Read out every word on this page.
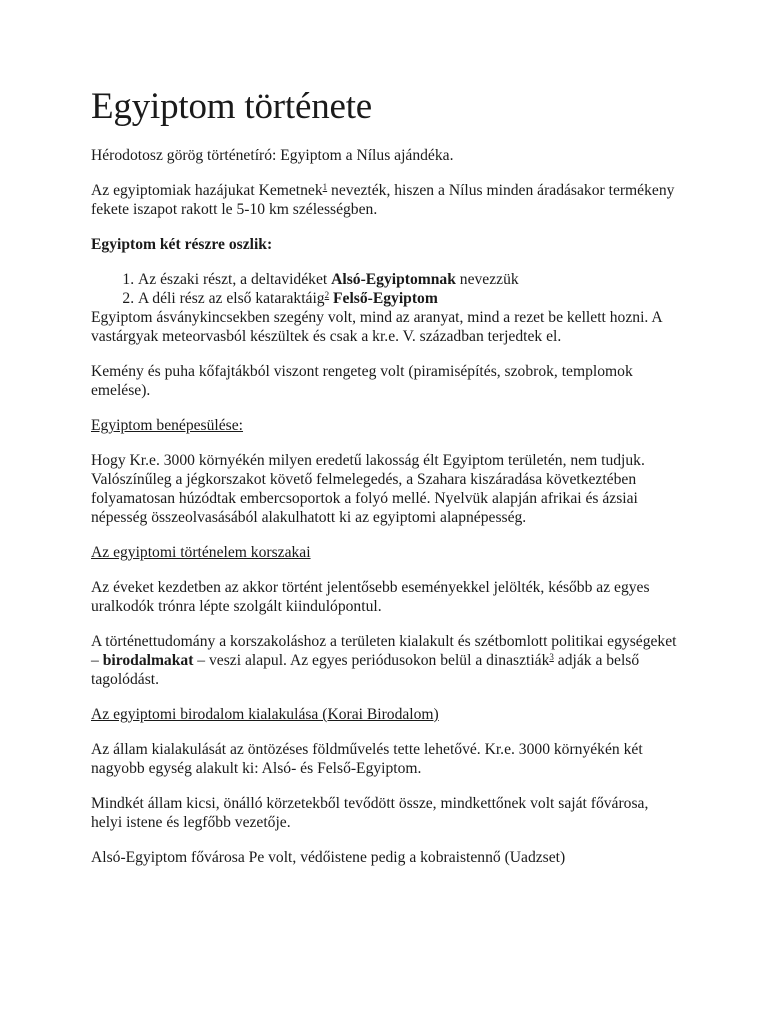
Egyiptom története

Hérodotosz görög történetíró: Egyiptom a Nílus ajándéka.

Az egyiptomiak hazájukat Kemetnek$^1$ nevezték, hiszen a Nílus minden áradásakor termékeny fekete iszapot rakott le 5-10 km szélességben.

Egyiptom két részre oszlik:

1. Az északi részt, a deltavidéket Alsó-Egyiptomnak nevezzük
2. A déli rész az első kataraktáig$^2$ Felső-Egyiptom

Egyiptom ásványkincsekben szegény volt, mind az aranyat, mind a rezet be kellett hozni. A vastárgyak meteorvasból készültek és csak a kr.e. V. században terjedtek el.

Kemény és puha kőfajtákból viszont rengeteg volt (piramisépítés, szobrok, templomok emelése).

Egyiptom benépesülése:

Hogy Kr.e. 3000 környékén milyen eredetű lakosság élt Egyiptom területén, nem tudjuk. Valószínűleg a jégkorszakot követő felmelegedés, a Szahara kiszáradása következtében folyamatosan húzódtak embercsoportok a folyó mellé. Nyelvük alapján afrikai és ázsiai népesség összeolvasásából alakulhatott ki az egyiptomi alapnépesség.

Az egyiptomi történelem korszakai

Az éveket kezdetben az akkor történt jelentősebb eseményekkel jelölték, később az egyes uralkodók trónra lépte szolgált kiindulópontul.

A történettudomány a korszakoláshoz a területen kialakult és szétbomlott politikai egységeket – birodalmakat – veszi alapul. Az egyes periódusokon belül a dinasztiák$^3$ adják a belső tagolódást.

Az egyiptomi birodalom kialakulása (Korai Birodalom)

Az állam kialakulását az öntözéses földművelés tette lehetővé. Kr.e. 3000 környékén két nagyobb egység alakult ki: Alsó- és Felső-Egyiptom.

Mindkét állam kicsi, önálló körzetekből tevődött össze, mindkettőnek volt saját fővárosa, helyi istene és legfőbb vezetője.

Alsó-Egyiptom fővárosa Pe volt, védőistene pedig a kobraistennő (Uadzset)
